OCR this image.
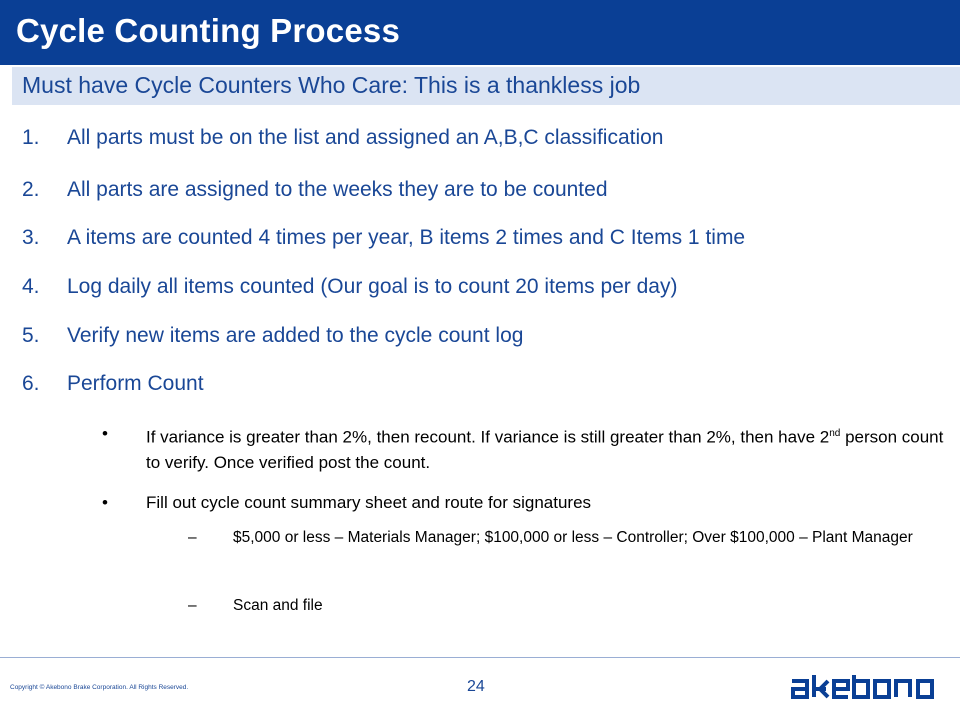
Cycle Counting Process
Must have Cycle Counters Who Care: This is a thankless job
1. All parts must be on the list and assigned an A,B,C classification
2. All parts are assigned to the weeks they are to be counted
3. A items are counted 4 times per year, B items 2 times and C Items 1 time
4. Log daily all items counted (Our goal is to count 20 items per day)
5. Verify new items are added to the cycle count log
6. Perform Count
• If variance is greater than 2%, then recount. If variance is still greater than 2%, then have 2nd person count to verify. Once verified post the count.
• Fill out cycle count summary sheet and route for signatures
– $5,000 or less – Materials Manager; $100,000 or less – Controller; Over $100,000 – Plant Manager
– Scan and file
Copyright © Akebono Brake Corporation. All Rights Reserved.	24
